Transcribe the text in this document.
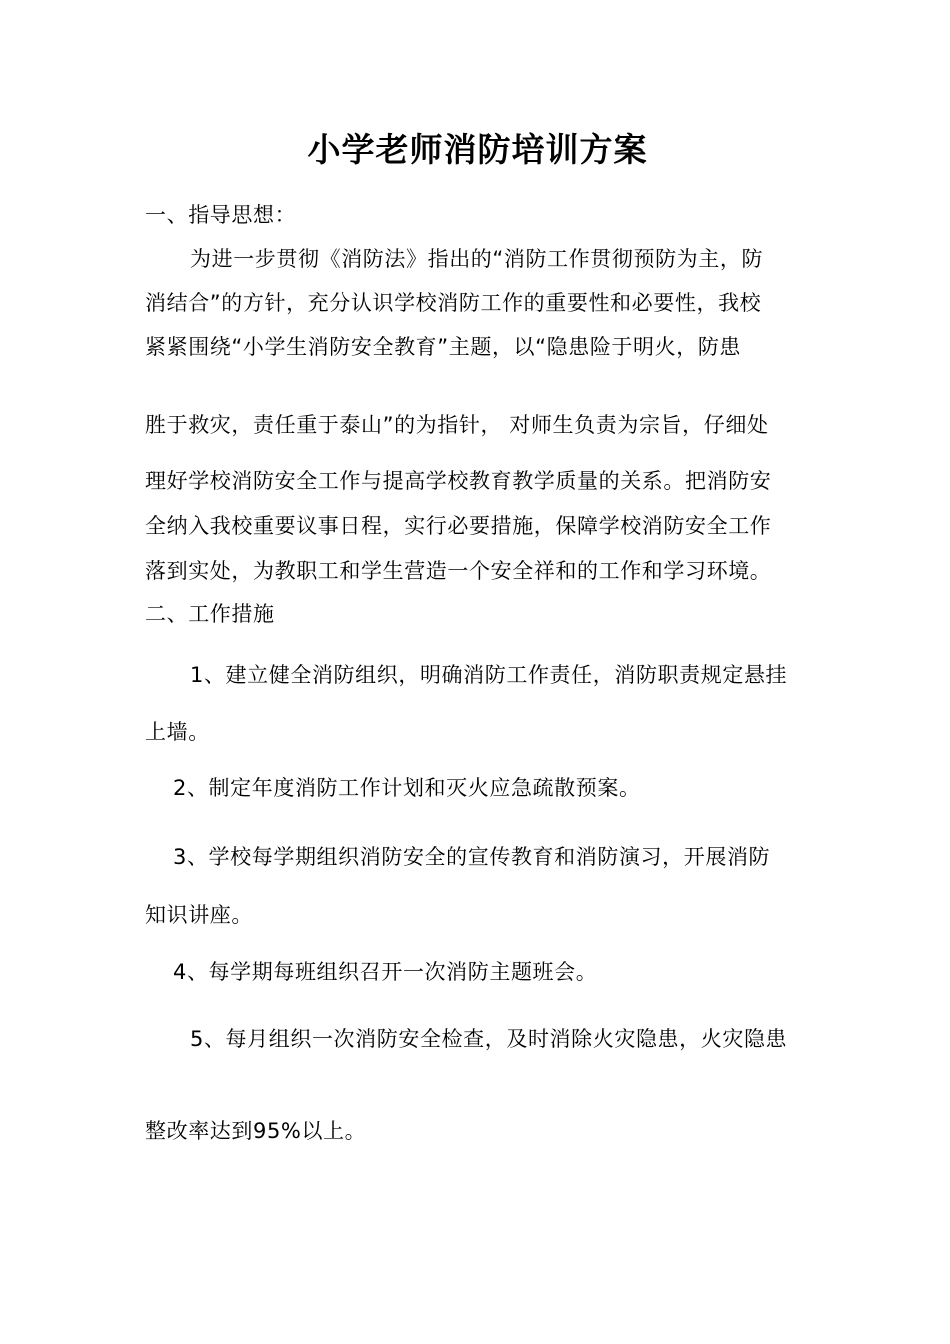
小学老师消防培训方案
一、指导思想：
为进一步贯彻《消防法》指出的“消防工作贯彻预防为主，防
消结合”的方针，充分认识学校消防工作的重要性和必要性，我校
紧紧围绕“小学生消防安全教育”主题，以“隐患险于明火，防患
胜于救灾，责任重于泰山”的为指针， 对师生负责为宗旨，仔细处
理好学校消防安全工作与提高学校教育教学质量的关系。把消防安
全纳入我校重要议事日程，实行必要措施，保障学校消防安全工作
落到实处，为教职工和学生营造一个安全祥和的工作和学习环境。
二、工作措施
1、建立健全消防组织，明确消防工作责任，消防职责规定悬挂
上墙。
2、制定年度消防工作计划和灭火应急疏散预案。
3、学校每学期组织消防安全的宣传教育和消防演习，开展消防
知识讲座。
4、每学期每班组织召开一次消防主题班会。
5、每月组织一次消防安全检查，及时消除火灾隐患，火灾隐患
整改率达到95%以上。
